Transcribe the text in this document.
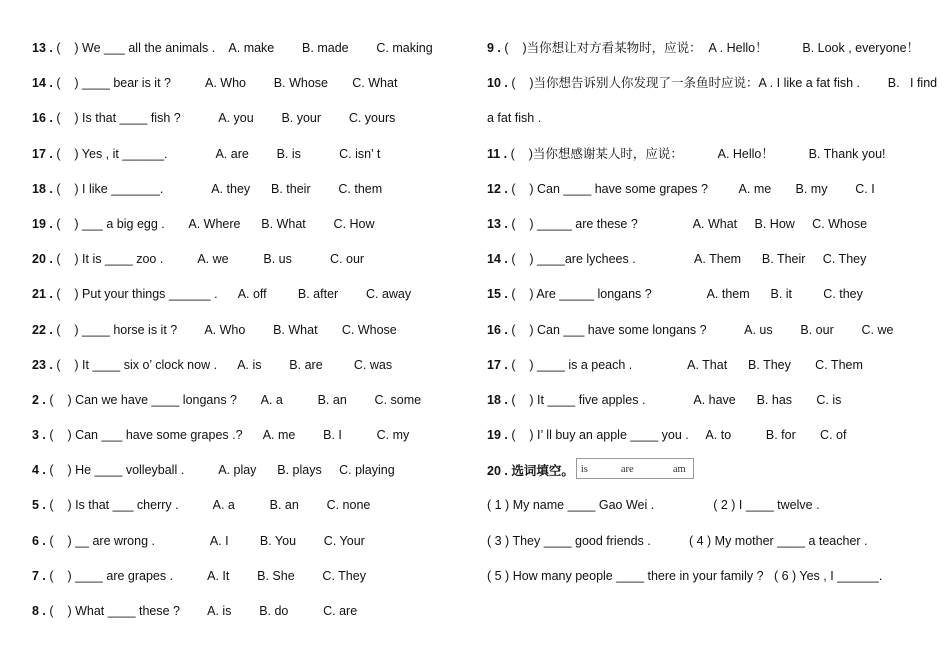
13 . (    ) We ___ all the animals .    A. make        B. made        C. making
14 . (    ) ____ bear is it ?          A. Who        B. Whose       C. What
16 . (    ) Is that ____ fish ?           A. you        B. your        C. yours
17 . (    ) Yes , it ______.              A. are        B. is           C. isn’ t
18 . (    ) I like _______.              A. they      B. their        C. them
19 . (    ) ___ a big egg .       A. Where      B. What        C. How
20 . (    ) It is ____ zoo .          A. we          B. us           C. our
21 . (    ) Put your things ______ .      A. off         B. after        C. away
22 . (    ) ____ horse is it ?        A. Who        B. What       C. Whose
23 . (    ) It ____ six o’ clock now .      A. is        B. are         C. was
2 . (    ) Can we have ____ longans ?       A. a          B. an        C. some
3 . (    ) Can ___ have some grapes .?      A. me        B. I          C. my
4 . (    ) He ____ volleyball .          A. play      B. plays     C. playing
5 . (    ) Is that ___ cherry .          A. a          B. an        C. none
6 . (    ) __ are wrong .                A. I         B. You        C. Your
7 . (    ) ____ are grapes .          A. It        B. She        C. They
8 . (    ) What ____ these ?        A. is        B. do          C. are
9 . (    )当你想让对方看某物时，应说：  A . Hello！          B. Look , everyone！
10 . (    )当你想告诉别人你发现了一条鱼时应说：A . I like a fat fish .        B.   I find
a fat fish .
11 . (    )当你想感谢某人时，应说：          A. Hello！          B. Thank you!
12 . (    ) Can ____ have some grapes ?         A. me       B. my        C. I
13 . (    ) _____ are these ?                A. What     B. How     C. Whose
14 . (    ) ____are lychees .                 A. Them      B. Their     C. They
15 . (    ) Are _____ longans ?                A. them      B. it         C. they
16 . (    ) Can ___ have some longans ?           A. us        B. our        C. we
17 . (    ) ____ is a peach .                A. That      B. They       C. Them
18 . (    ) It ____ five apples .              A. have      B. has       C. is
19 . (    ) I’ ll buy an apple ____ you .     A. to          B. for       C. of
20 . 选词填空。 is	are	am
( 1 ) My name ____ Gao Wei .                 ( 2 ) I ____ twelve .
( 3 ) They ____ good friends .           ( 4 ) My mother ____ a teacher .
( 5 ) How many people ____ there in your family ?   ( 6 ) Yes , I ______.
